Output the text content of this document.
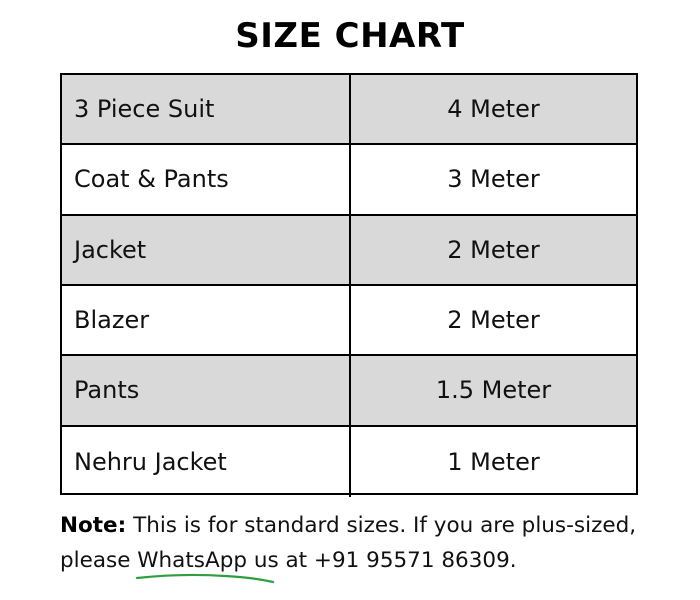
SIZE CHART
3 Piece Suit	4 Meter
Coat & Pants	3 Meter
Jacket	2 Meter
Blazer	2 Meter
Pants	1.5 Meter
Nehru Jacket	1 Meter
Note: This is for standard sizes. If you are plus-sized, please WhatsApp
us at +91 95571 86309.
